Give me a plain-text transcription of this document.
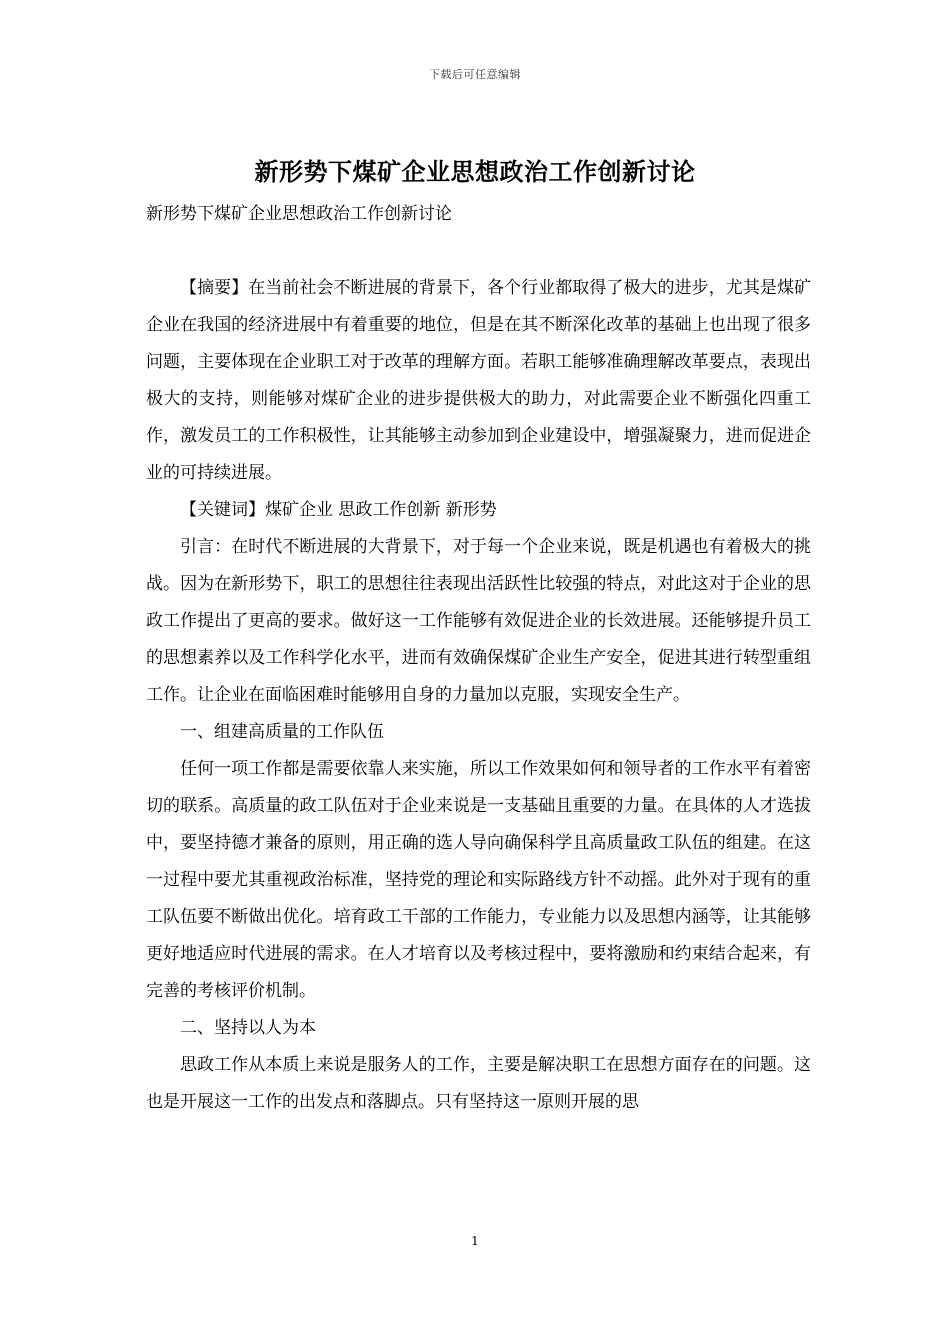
下载后可任意编辑
新形势下煤矿企业思想政治工作创新讨论
新形势下煤矿企业思想政治工作创新讨论

【摘要】在当前社会不断进展的背景下，各个行业都取得了极大的进步，尤其是煤矿企业在我国的经济进展中有着重要的地位，但是在其不断深化改革的基础上也出现了很多问题，主要体现在企业职工对于改革的理解方面。若职工能够准确理解改革要点，表现出极大的支持，则能够对煤矿企业的进步提供极大的助力，对此需要企业不断强化四重工作，激发员工的工作积极性，让其能够主动参加到企业建设中，增强凝聚力，进而促进企业的可持续进展。

【关键词】煤矿企业 思政工作创新 新形势

引言：在时代不断进展的大背景下，对于每一个企业来说，既是机遇也有着极大的挑战。因为在新形势下，职工的思想往往表现出活跃性比较强的特点，对此这对于企业的思政工作提出了更高的要求。做好这一工作能够有效促进企业的长效进展。还能够提升员工的思想素养以及工作科学化水平，进而有效确保煤矿企业生产安全，促进其进行转型重组工作。让企业在面临困难时能够用自身的力量加以克服，实现安全生产。

一、组建高质量的工作队伍

任何一项工作都是需要依靠人来实施，所以工作效果如何和领导者的工作水平有着密切的联系。高质量的政工队伍对于企业来说是一支基础且重要的力量。在具体的人才选拔中，要坚持德才兼备的原则，用正确的选人导向确保科学且高质量政工队伍的组建。在这一过程中要尤其重视政治标准，坚持党的理论和实际路线方针不动摇。此外对于现有的重工队伍要不断做出优化。培育政工干部的工作能力，专业能力以及思想内涵等，让其能够更好地适应时代进展的需求。在人才培育以及考核过程中，要将激励和约束结合起来，有完善的考核评价机制。

二、坚持以人为本

思政工作从本质上来说是服务人的工作，主要是解决职工在思想方面存在的问题。这也是开展这一工作的出发点和落脚点。只有坚持这一原则开展的思

1
